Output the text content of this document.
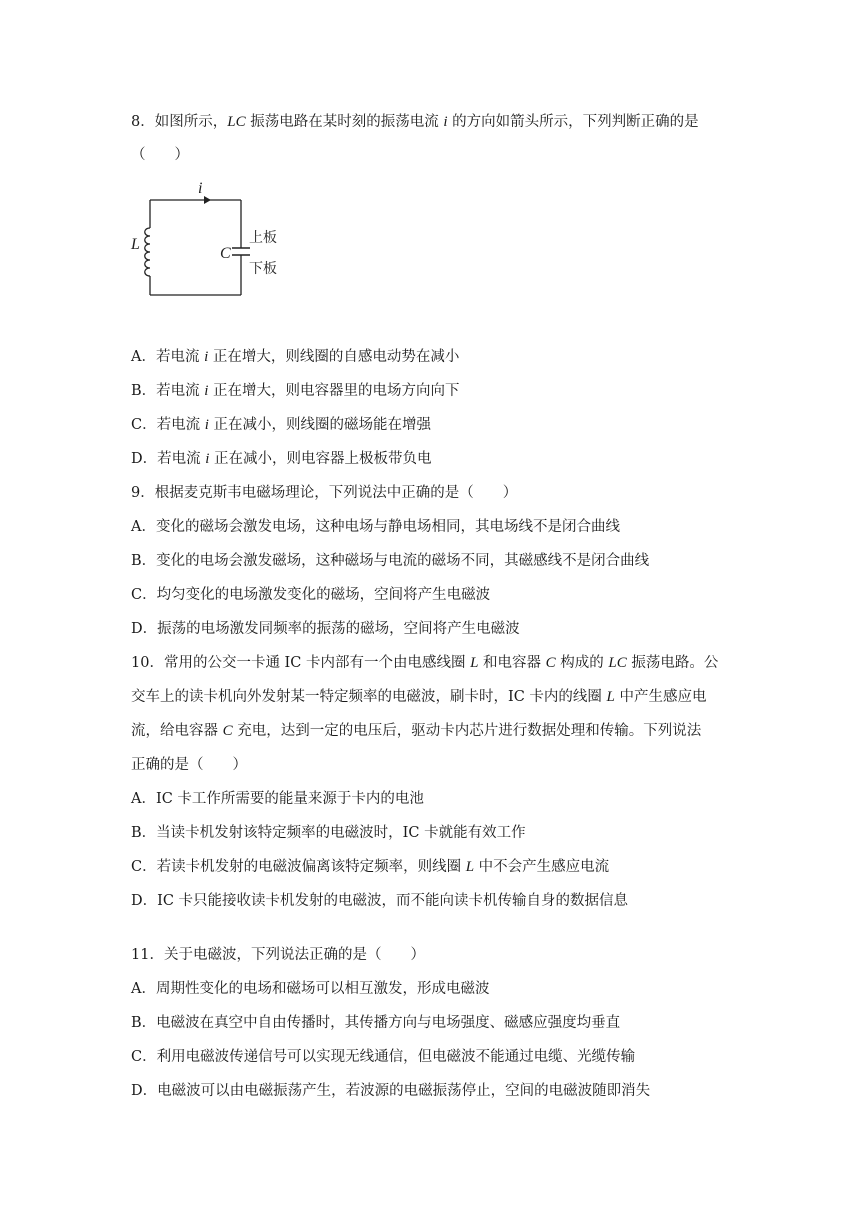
8．如图所示，LC 振荡电路在某时刻的振荡电流 i 的方向如箭头所示，下列判断正确的是
（　　）
i
L
C
上板
下板
A．若电流 i 正在增大，则线圈的自感电动势在减小
B．若电流 i 正在增大，则电容器里的电场方向向下
C．若电流 i 正在减小，则线圈的磁场能在增强
D．若电流 i 正在减小，则电容器上极板带负电
9．根据麦克斯韦电磁场理论，下列说法中正确的是（　　）
A．变化的磁场会激发电场，这种电场与静电场相同，其电场线不是闭合曲线
B．变化的电场会激发磁场，这种磁场与电流的磁场不同，其磁感线不是闭合曲线
C．均匀变化的电场激发变化的磁场，空间将产生电磁波
D．振荡的电场激发同频率的振荡的磁场，空间将产生电磁波
10．常用的公交一卡通 IC 卡内部有一个由电感线圈 L 和电容器 C 构成的 LC 振荡电路。公
交车上的读卡机向外发射某一特定频率的电磁波，刷卡时，IC 卡内的线圈 L 中产生感应电
流，给电容器 C 充电，达到一定的电压后，驱动卡内芯片进行数据处理和传输。下列说法
正确的是（　　）
A．IC 卡工作所需要的能量来源于卡内的电池
B．当读卡机发射该特定频率的电磁波时，IC 卡就能有效工作
C．若读卡机发射的电磁波偏离该特定频率，则线圈 L 中不会产生感应电流
D．IC 卡只能接收读卡机发射的电磁波，而不能向读卡机传输自身的数据信息
11．关于电磁波，下列说法正确的是（　　）
A．周期性变化的电场和磁场可以相互激发，形成电磁波
B．电磁波在真空中自由传播时，其传播方向与电场强度、磁感应强度均垂直
C．利用电磁波传递信号可以实现无线通信，但电磁波不能通过电缆、光缆传输
D．电磁波可以由电磁振荡产生，若波源的电磁振荡停止，空间的电磁波随即消失
